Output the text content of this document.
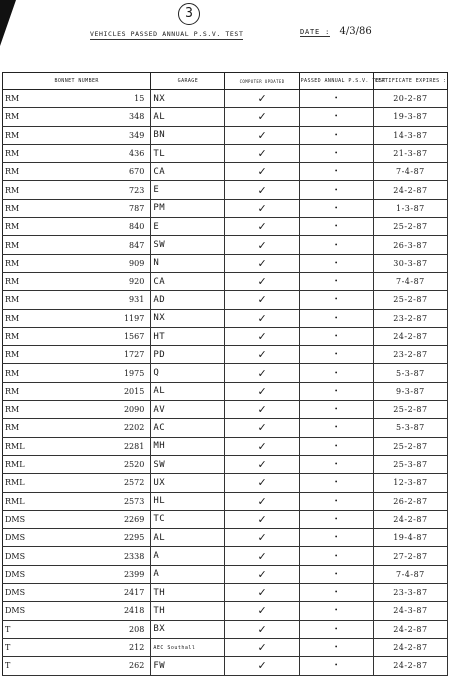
3
VEHICLES PASSED ANNUAL P.S.V. TEST	DATE : 4/3/86
BONNET NUMBER		GARAGE	COMPUTER UPDATED	PASSED ANNUAL P.S.V. TEST	CERTIFICATE EXPIRES :
RM	15	NX	✓	•	20-2-87
RM	348	AL	✓	•	19-3-87
RM	349	BN	✓	•	14-3-87
RM	436	TL	✓	•	21-3-87
RM	670	CA	✓	•	7-4-87
RM	723	E	✓	•	24-2-87
RM	787	PM	✓	•	1-3-87
RM	840	E	✓	•	25-2-87
RM	847	SW	✓	•	26-3-87
RM	909	N	✓	•	30-3-87
RM	920	CA	✓	•	7-4-87
RM	931	AD	✓	•	25-2-87
RM	1197	NX	✓	•	23-2-87
RM	1567	HT	✓	•	24-2-87
RM	1727	PD	✓	•	23-2-87
RM	1975	Q	✓	•	5-3-87
RM	2015	AL	✓	•	9-3-87
RM	2090	AV	✓	•	25-2-87
RM	2202	AC	✓	•	5-3-87
RML	2281	MH	✓	•	25-2-87
RML	2520	SW	✓	•	25-3-87
RML	2572	UX	✓	•	12-3-87
RML	2573	HL	✓	•	26-2-87
DMS	2269	TC	✓	•	24-2-87
DMS	2295	AL	✓	•	19-4-87
DMS	2338	A	✓	•	27-2-87
DMS	2399	A	✓	•	7-4-87
DMS	2417	TH	✓	•	23-3-87
DMS	2418	TH	✓	•	24-3-87
T	208	BX	✓	•	24-2-87
T	212	AEC Southall	✓	•	24-2-87
T	262	FW	✓	•	24-2-87
